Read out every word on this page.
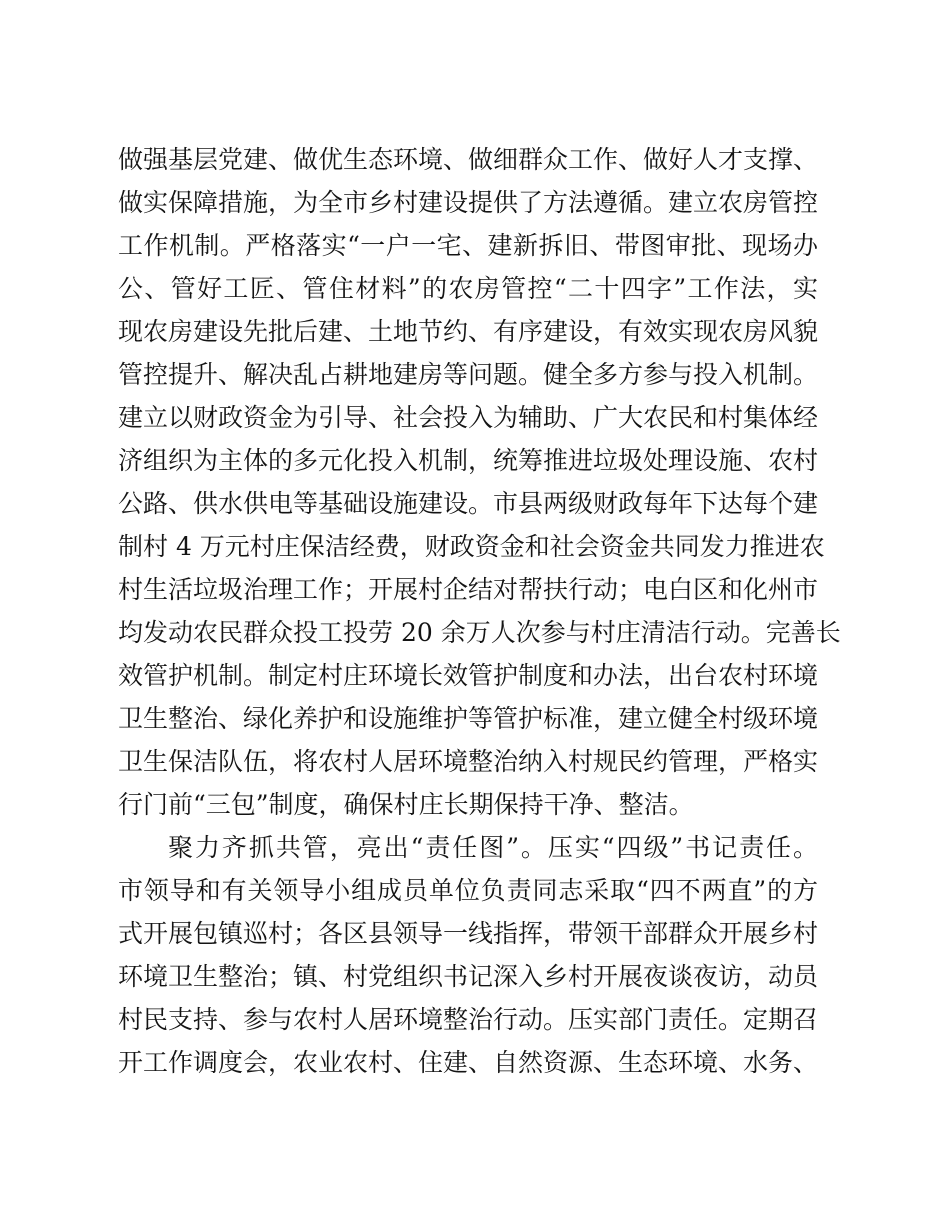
做强基层党建、做优生态环境、做细群众工作、做好人才支撑、
做实保障措施，为全市乡村建设提供了方法遵循。建立农房管控
工作机制。严格落实“一户一宅、建新拆旧、带图审批、现场办
公、管好工匠、管住材料”的农房管控“二十四字”工作法，实
现农房建设先批后建、土地节约、有序建设，有效实现农房风貌
管控提升、解决乱占耕地建房等问题。健全多方参与投入机制。
建立以财政资金为引导、社会投入为辅助、广大农民和村集体经
济组织为主体的多元化投入机制，统筹推进垃圾处理设施、农村
公路、供水供电等基础设施建设。市县两级财政每年下达每个建
制村 4 万元村庄保洁经费，财政资金和社会资金共同发力推进农
村生活垃圾治理工作；开展村企结对帮扶行动；电白区和化州市
均发动农民群众投工投劳 20 余万人次参与村庄清洁行动。完善长
效管护机制。制定村庄环境长效管护制度和办法，出台农村环境
卫生整治、绿化养护和设施维护等管护标准，建立健全村级环境
卫生保洁队伍，将农村人居环境整治纳入村规民约管理，严格实
行门前“三包”制度，确保村庄长期保持干净、整洁。
聚力齐抓共管，亮出“责任图”。压实“四级”书记责任。
市领导和有关领导小组成员单位负责同志采取“四不两直”的方
式开展包镇巡村；各区县领导一线指挥，带领干部群众开展乡村
环境卫生整治；镇、村党组织书记深入乡村开展夜谈夜访，动员
村民支持、参与农村人居环境整治行动。压实部门责任。定期召
开工作调度会，农业农村、住建、自然资源、生态环境、水务、
